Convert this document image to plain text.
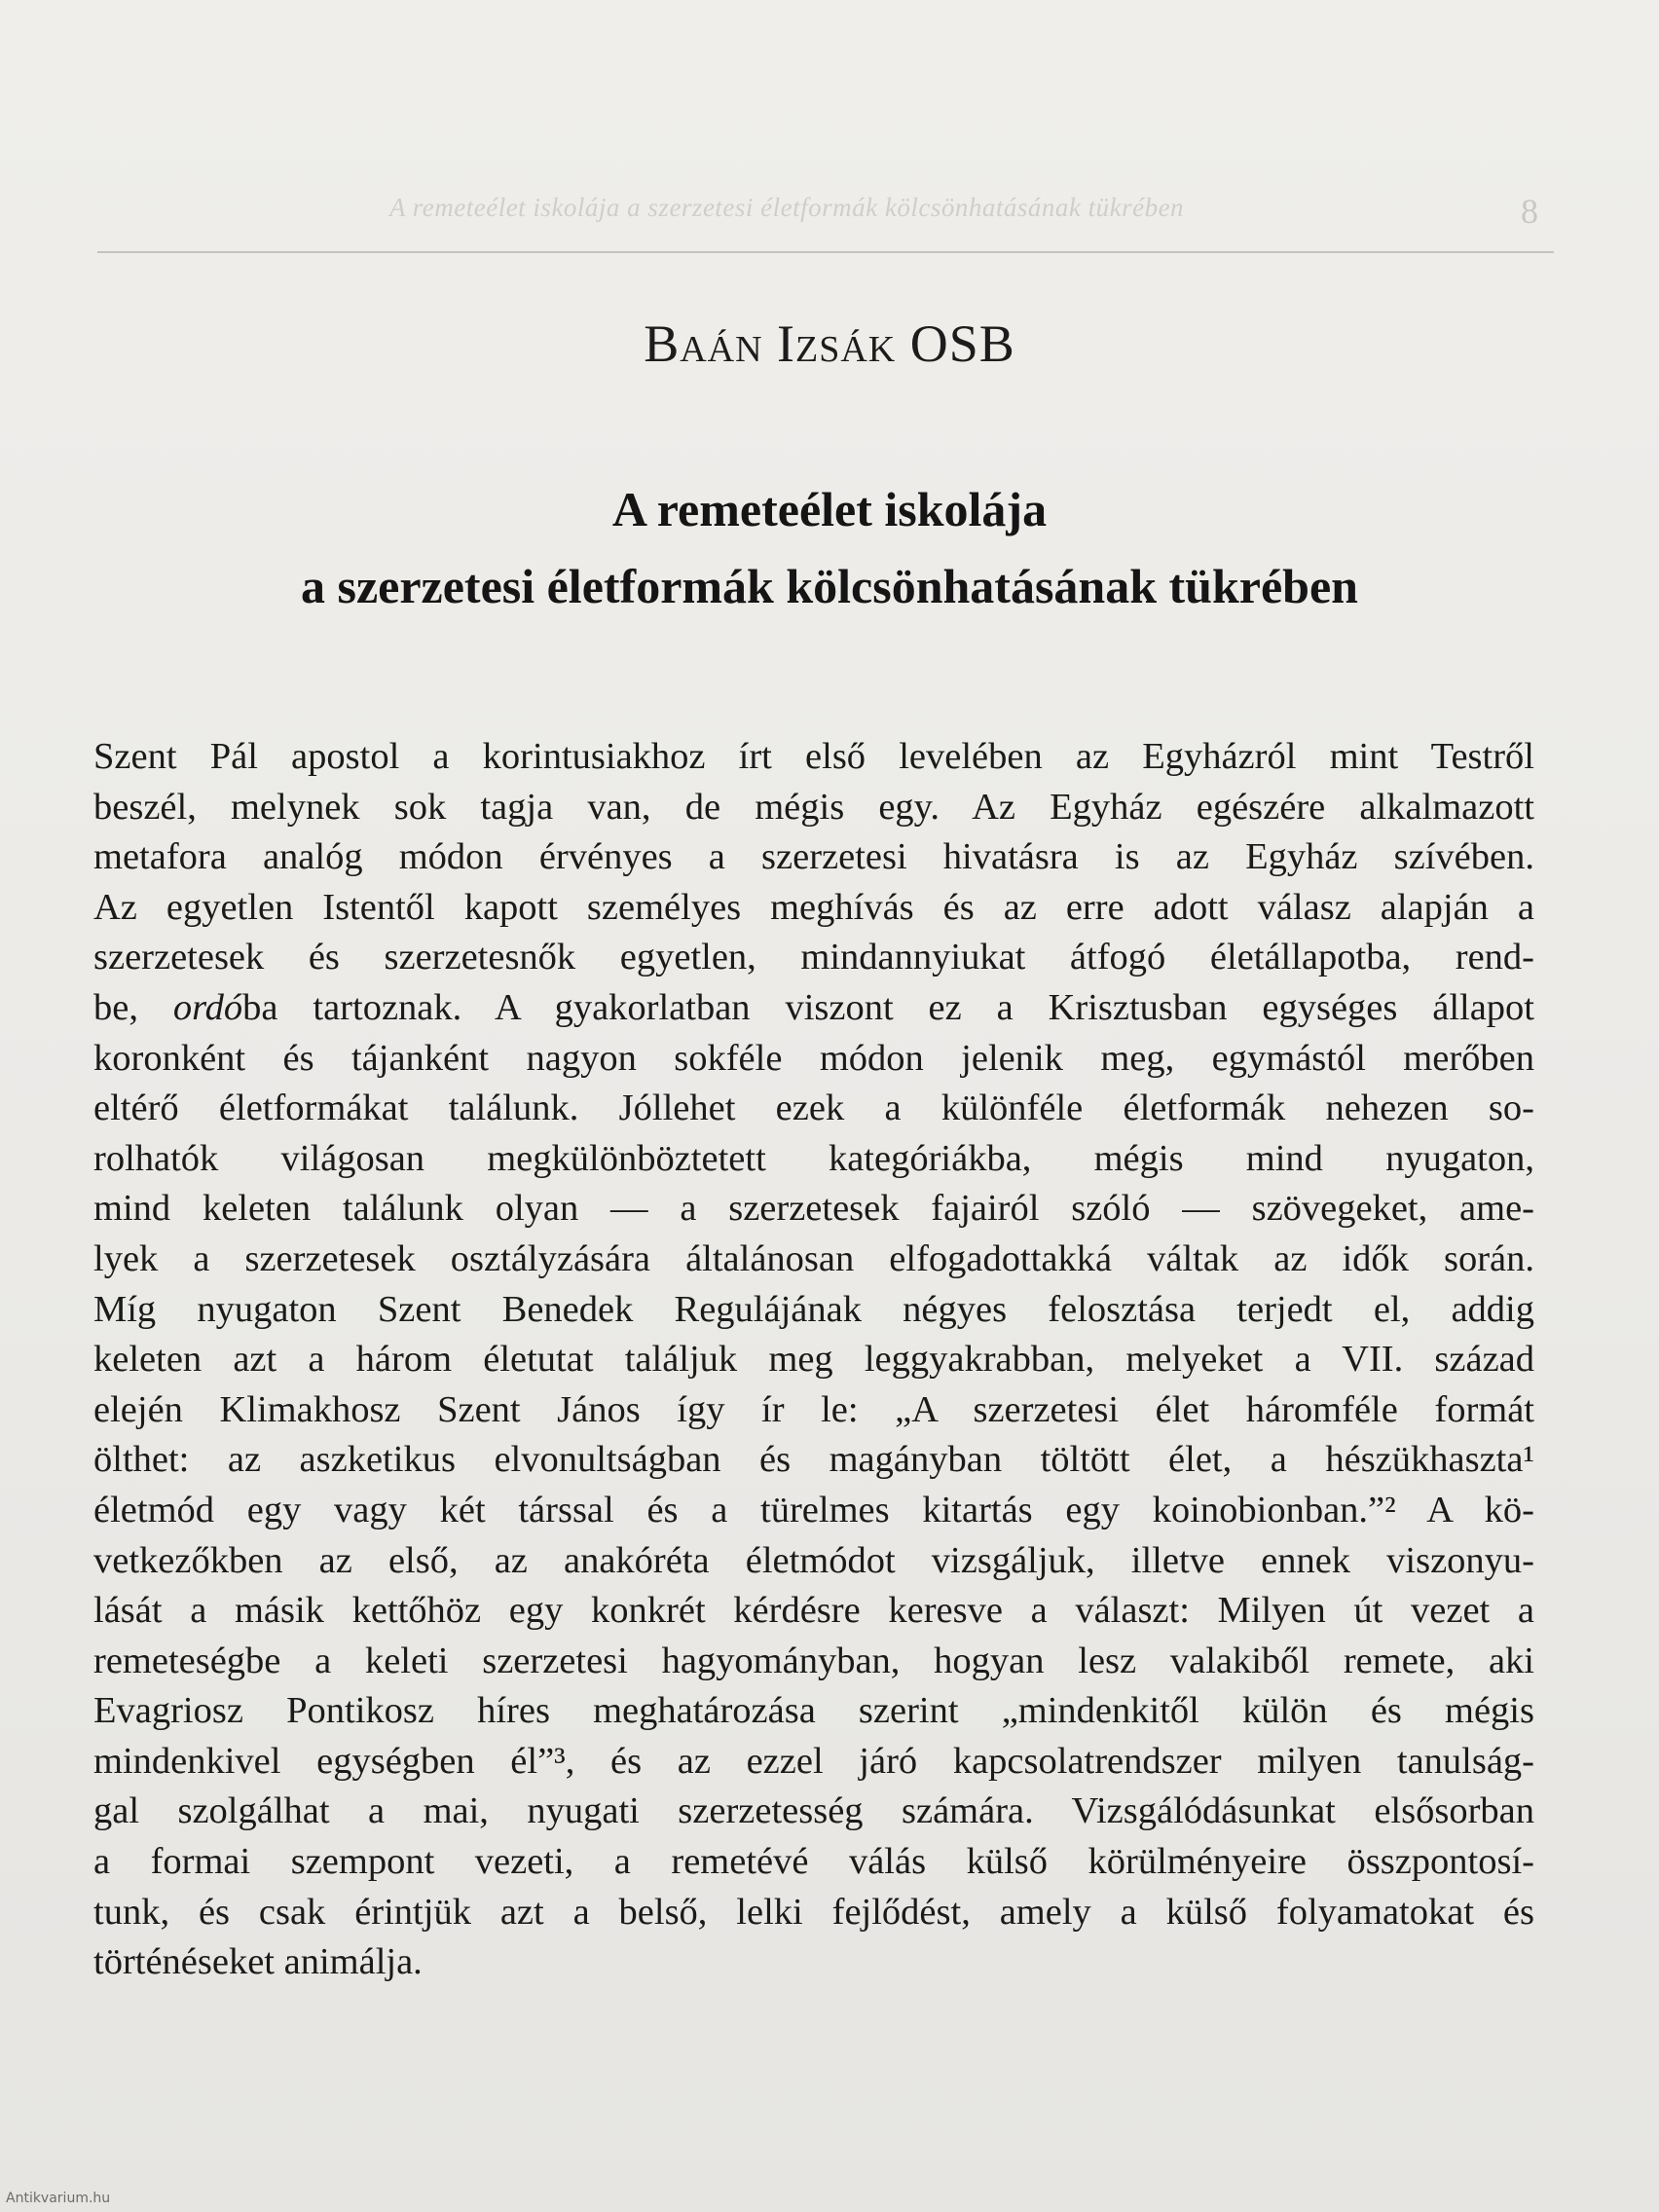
A remeteélet iskolája a szerzetesi életformák kölcsönhatásának tükrében	8
Baán Izsák OSB
A remeteélet iskolája
a szerzetesi életformák kölcsönhatásának tükrében
Szent Pál apostol a korintusiakhoz írt első levelében az Egyházról mint Testről
beszél, melynek sok tagja van, de mégis egy. Az Egyház egészére alkalmazott
metafora analóg módon érvényes a szerzetesi hivatásra is az Egyház szívében.
Az egyetlen Istentől kapott személyes meghívás és az erre adott válasz alapján a
szerzetesek és szerzetesnők egyetlen, mindannyiukat átfogó életállapotba, rend-
be, ordóba tartoznak. A gyakorlatban viszont ez a Krisztusban egységes állapot
koronként és tájanként nagyon sokféle módon jelenik meg, egymástól merőben
eltérő életformákat találunk. Jóllehet ezek a különféle életformák nehezen so-
rolhatók világosan megkülönböztetett kategóriákba, mégis mind nyugaton,
mind keleten találunk olyan — a szerzetesek fajairól szóló — szövegeket, ame-
lyek a szerzetesek osztályzására általánosan elfogadottakká váltak az idők során.
Míg nyugaton Szent Benedek Regulájának négyes felosztása terjedt el, addig
keleten azt a három életutat találjuk meg leggyakrabban, melyeket a VII. század
elején Klimakhosz Szent János így ír le: „A szerzetesi élet háromféle formát
ölthet: az aszketikus elvonultságban és magányban töltött élet, a hészükhaszta¹
életmód egy vagy két társsal és a türelmes kitartás egy koinobionban.”² A kö-
vetkezőkben az első, az anakóréta életmódot vizsgáljuk, illetve ennek viszonyu-
lását a másik kettőhöz egy konkrét kérdésre keresve a választ: Milyen út vezet a
remeteségbe a keleti szerzetesi hagyományban, hogyan lesz valakiből remete, aki
Evagriosz Pontikosz híres meghatározása szerint „mindenkitől külön és mégis
mindenkivel egységben él”³, és az ezzel járó kapcsolatrendszer milyen tanulság-
gal szolgálhat a mai, nyugati szerzetesség számára. Vizsgálódásunkat elsősorban
a formai szempont vezeti, a remetévé válás külső körülményeire összpontosí-
tunk, és csak érintjük azt a belső, lelki fejlődést, amely a külső folyamatokat és
történéseket animálja.
Antikvarium.hu
